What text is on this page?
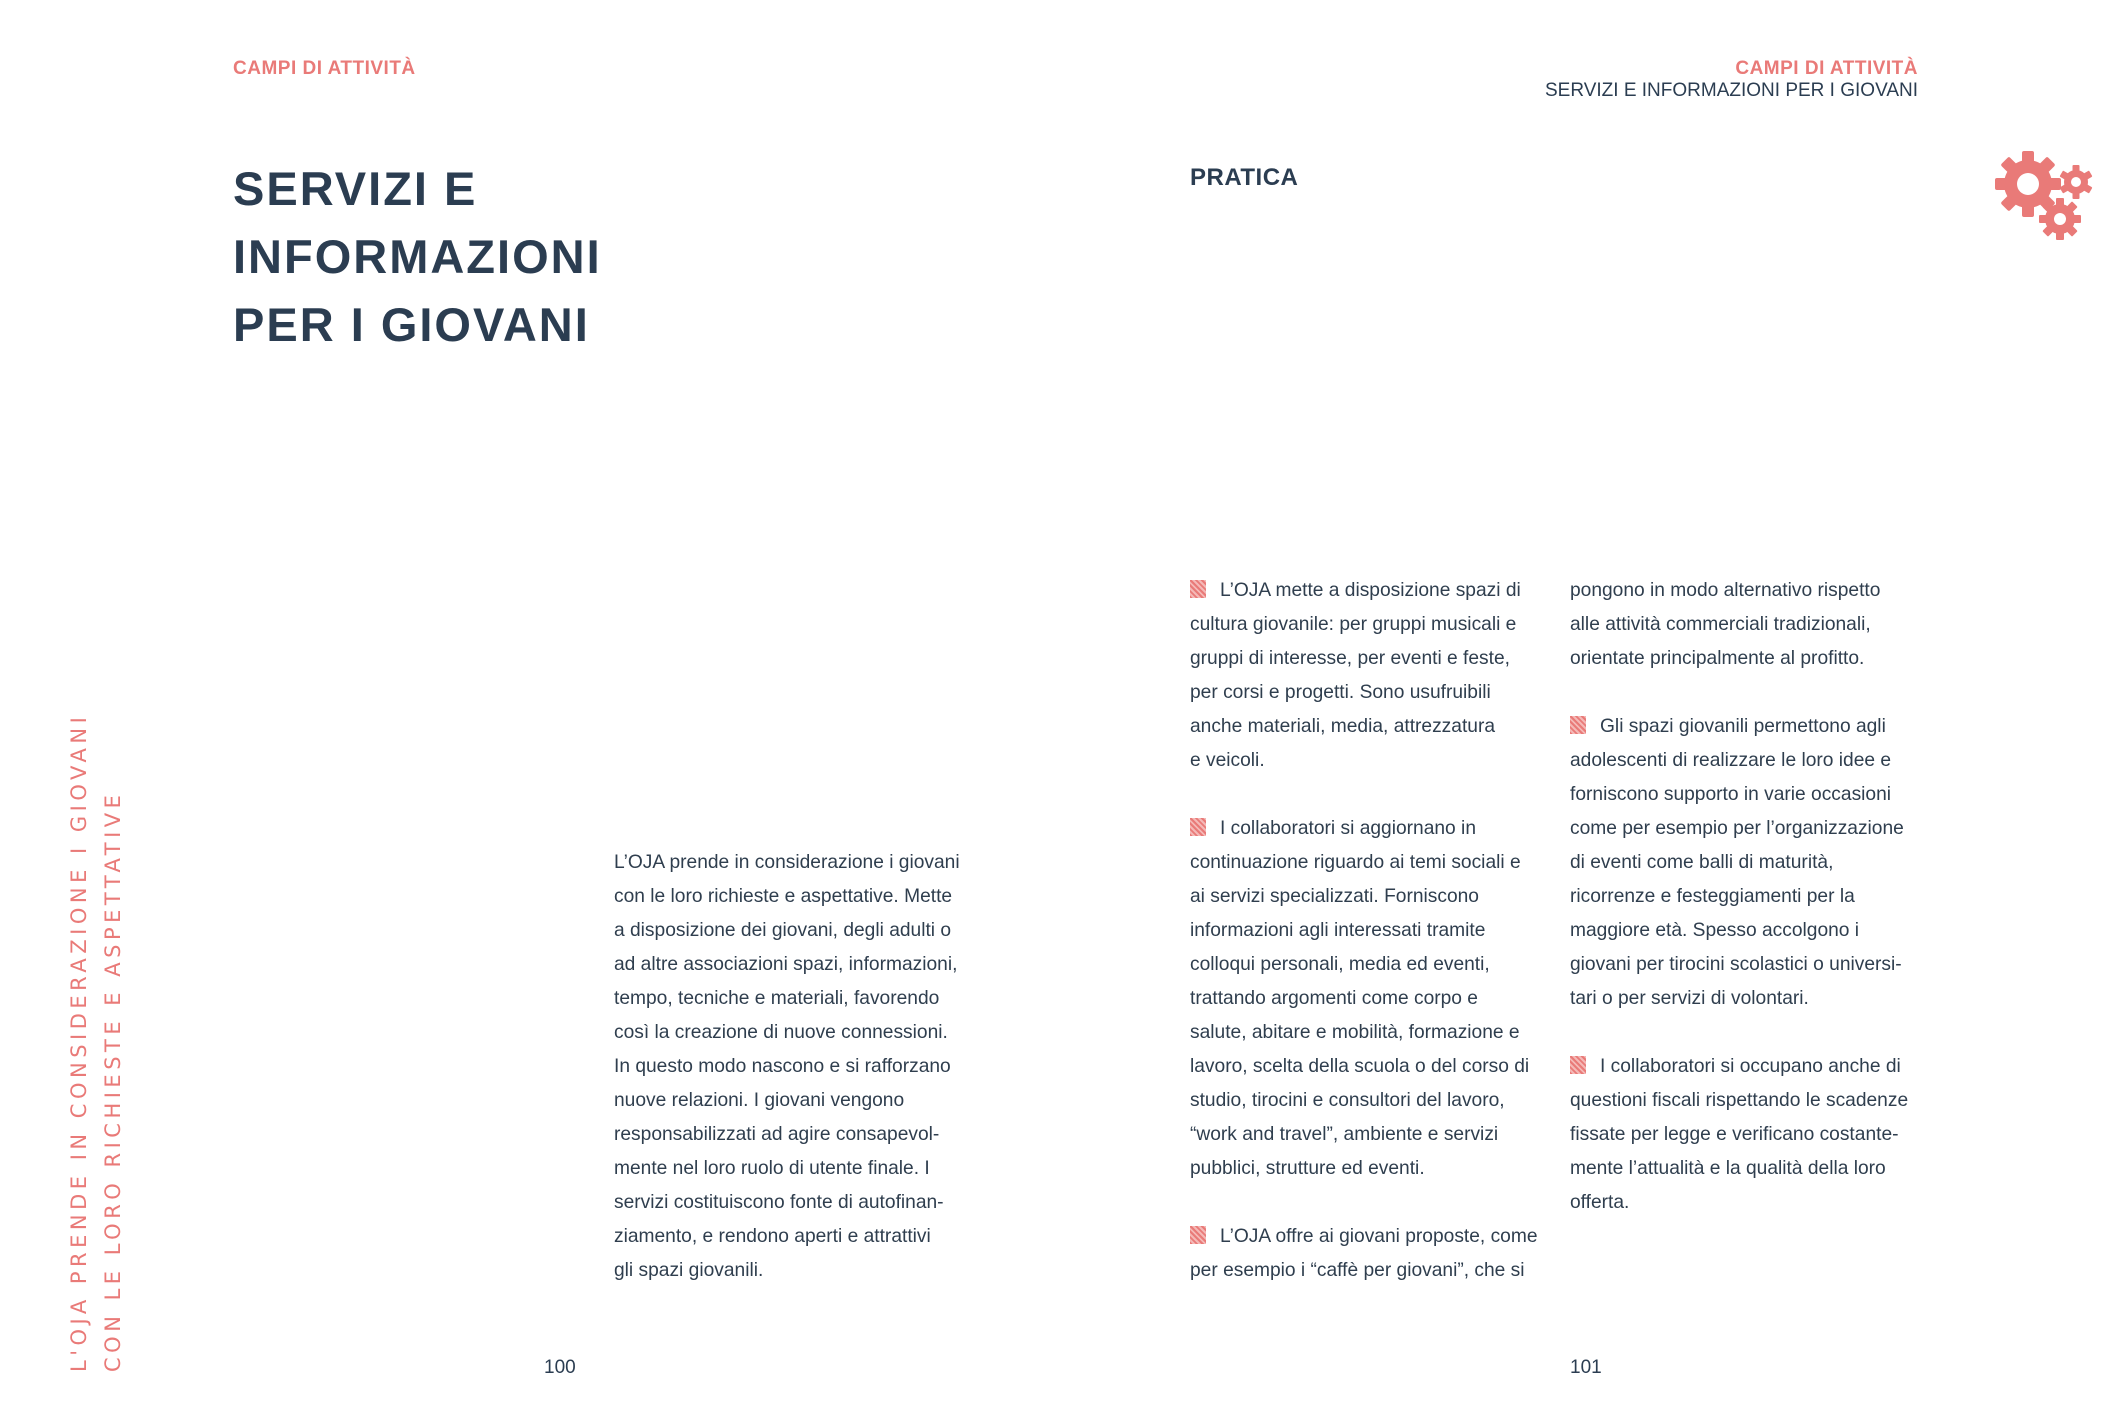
CAMPI DI ATTIVITÀ
SERVIZI E
INFORMAZIONI
PER I GIOVANI
L'OJA PRENDE IN CONSIDERAZIONE I GIOVANI CON LE LORO RICHIESTE E ASPETTATIVE	L’OJA prende in considerazione i giovani
con le loro richieste e aspettative. Mette
a disposizione dei giovani, degli adulti o
ad altre associazioni spazi, informazioni,
tempo, tecniche e materiali, favorendo
così la creazione di nuove connessioni.
In questo modo nascono e si rafforzano
nuove relazioni. I giovani vengono
responsabilizzati ad agire consapevol-
mente nel loro ruolo di utente finale. I
servizi costituiscono fonte di autofinan-
ziamento, e rendono aperti e attrattivi
gli spazi giovanili.
100
CAMPI DI ATTIVITÀ
SERVIZI E INFORMAZIONI PER I GIOVANI
PRATICA
L’OJA mette a disposizione spazi di
cultura giovanile: per gruppi musicali e
gruppi di interesse, per eventi e feste,
per corsi e progetti. Sono usufruibili
anche materiali, media, attrezzatura
e veicoli.
I collaboratori si aggiornano in
continuazione riguardo ai temi sociali e
ai servizi specializzati. Forniscono
informazioni agli interessati tramite
colloqui personali, media ed eventi,
trattando argomenti come corpo e
salute, abitare e mobilità, formazione e
lavoro, scelta della scuola o del corso di
studio, tirocini e consultori del lavoro,
“work and travel”, ambiente e servizi
pubblici, strutture ed eventi.
L’OJA offre ai giovani proposte, come
per esempio i “caffè per giovani”, che si
pongono in modo alternativo rispetto
alle attività commerciali tradizionali,
orientate principalmente al profitto.
Gli spazi giovanili permettono agli
adolescenti di realizzare le loro idee e
forniscono supporto in varie occasioni
come per esempio per l’organizzazione
di eventi come balli di maturità,
ricorrenze e festeggiamenti per la
maggiore età. Spesso accolgono i
giovani per tirocini scolastici o universi-
tari o per servizi di volontari.
I collaboratori si occupano anche di
questioni fiscali rispettando le scadenze
fissate per legge e verificano costante-
mente l’attualità e la qualità della loro
offerta.
101
